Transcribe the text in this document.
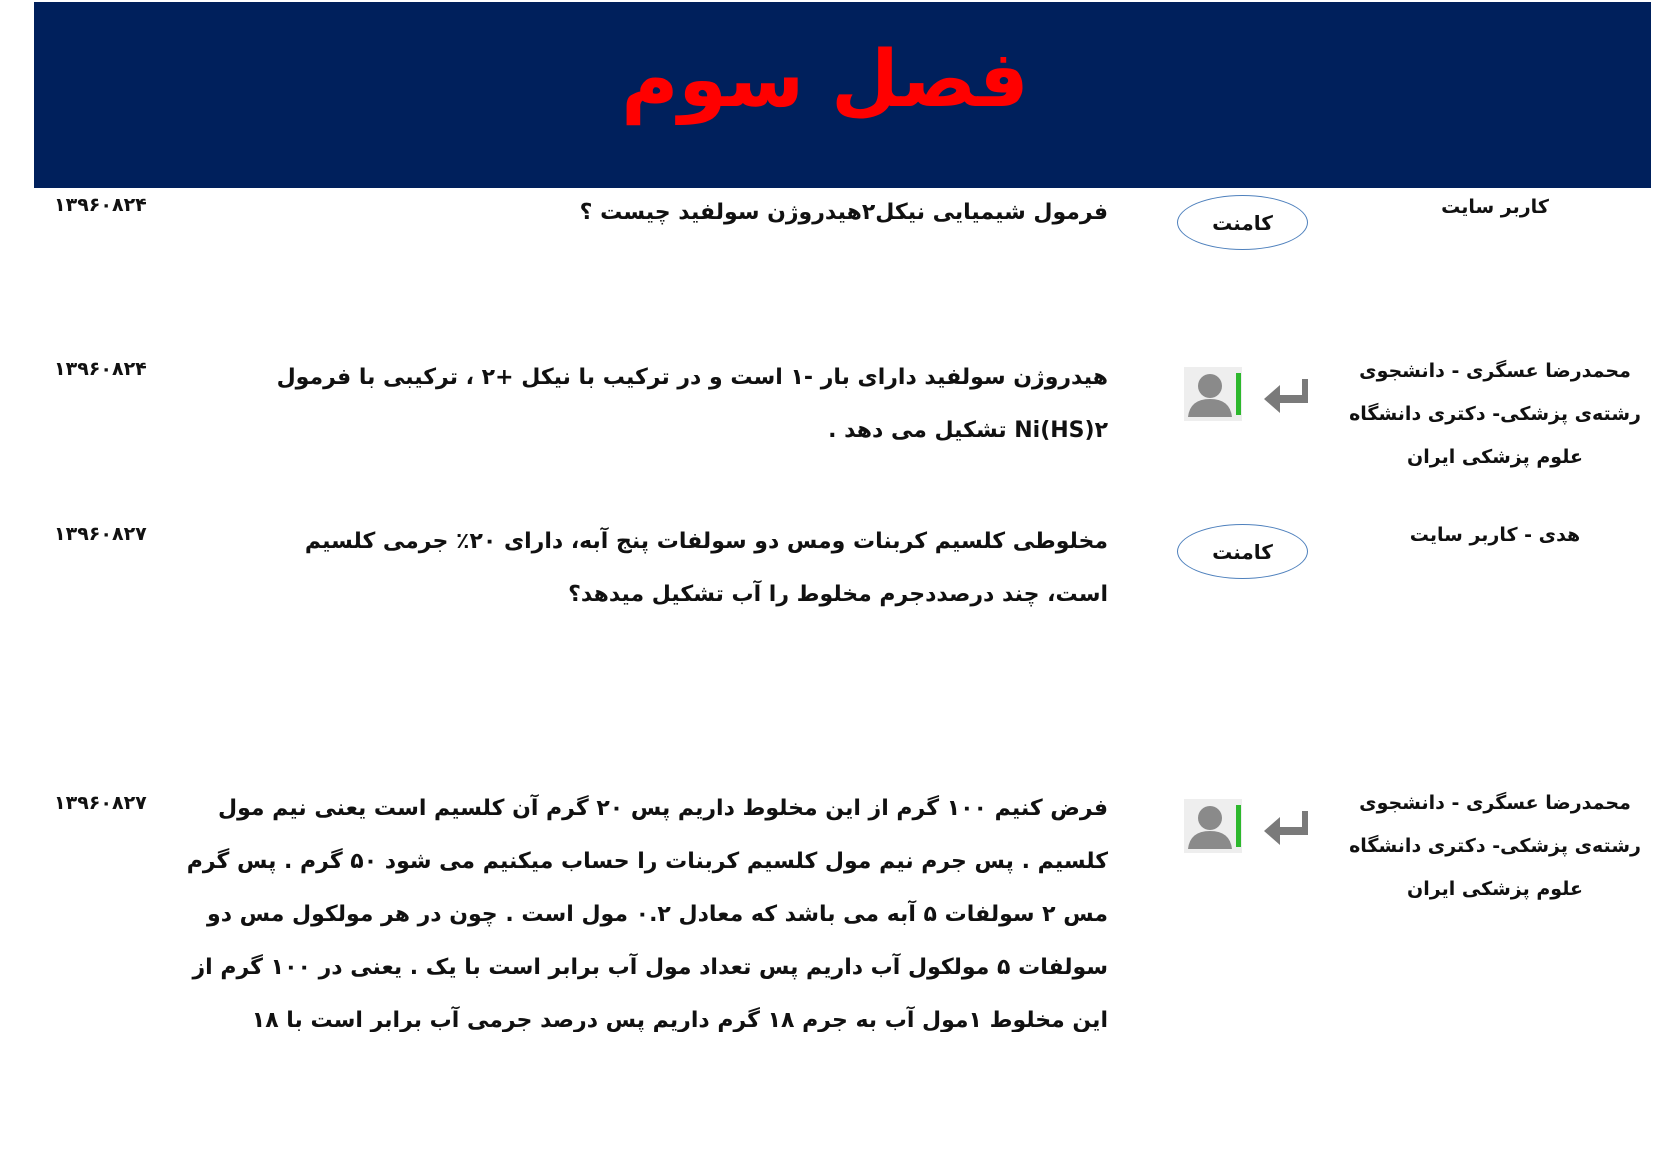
فصل سوم
کاربر سایت
کامنت
فرمول شیمیایی نیکل۲هیدروژن سولفید چیست ؟
۱۳۹۶۰۸۲۴
محمدرضا عسگری - دانشجوی رشته‌ی پزشکی- دکتری دانشگاه علوم پزشکی ایران
هیدروژن سولفید دارای بار -۱ است و در ترکیب با نیکل +۲ ، ترکیبی با فرمول Ni(HS)۲ تشکیل می دهد .
۱۳۹۶۰۸۲۴
هدی - کاربر سایت
کامنت
مخلوطی کلسیم کربنات ومس دو سولفات پنج آبه، دارای ۲۰٪ جرمی کلسیم است، چند درصددجرم مخلوط را آب تشکیل میدهد؟
۱۳۹۶۰۸۲۷
محمدرضا عسگری - دانشجوی رشته‌ی پزشکی- دکتری دانشگاه علوم پزشکی ایران
فرض کنیم ۱۰۰ گرم از این مخلوط داریم پس ۲۰ گرم آن کلسیم است یعنی نیم مول کلسیم . پس جرم نیم مول کلسیم کربنات را حساب میکنیم می شود ۵۰ گرم . پس گرم مس ۲ سولفات ۵ آبه می باشد که معادل ۰.۲ مول است . چون در هر مولکول مس دو سولفات ۵ مولکول آب داریم پس تعداد مول آب برابر است با یک . یعنی در ۱۰۰ گرم از این مخلوط ۱مول آب به جرم ۱۸ گرم داریم پس درصد جرمی آب برابر است با ۱۸
۱۳۹۶۰۸۲۷
